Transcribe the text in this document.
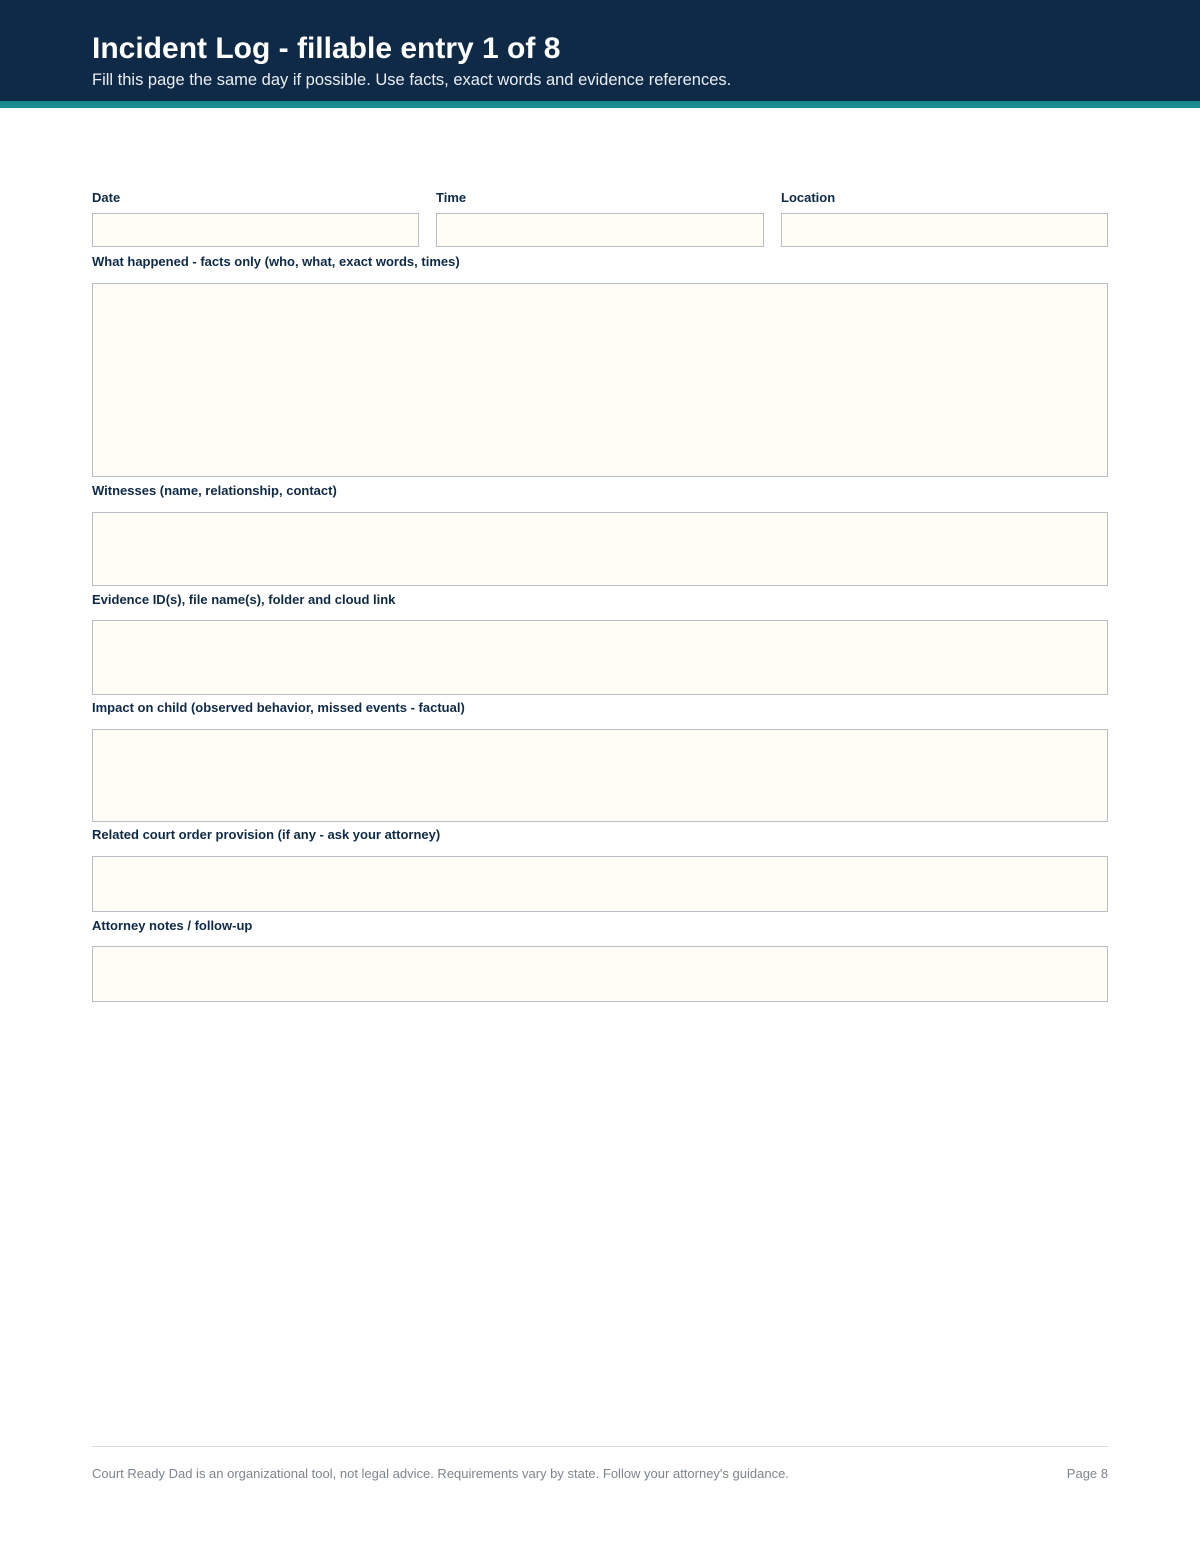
Incident Log - fillable entry 1 of 8
Fill this page the same day if possible. Use facts, exact words and evidence references.
Date	Time	Location
What happened - facts only (who, what, exact words, times)
Witnesses (name, relationship, contact)
Evidence ID(s), file name(s), folder and cloud link
Impact on child (observed behavior, missed events - factual)
Related court order provision (if any - ask your attorney)
Attorney notes / follow-up
Court Ready Dad is an organizational tool, not legal advice. Requirements vary by state. Follow your attorney's guidance.	Page 8
